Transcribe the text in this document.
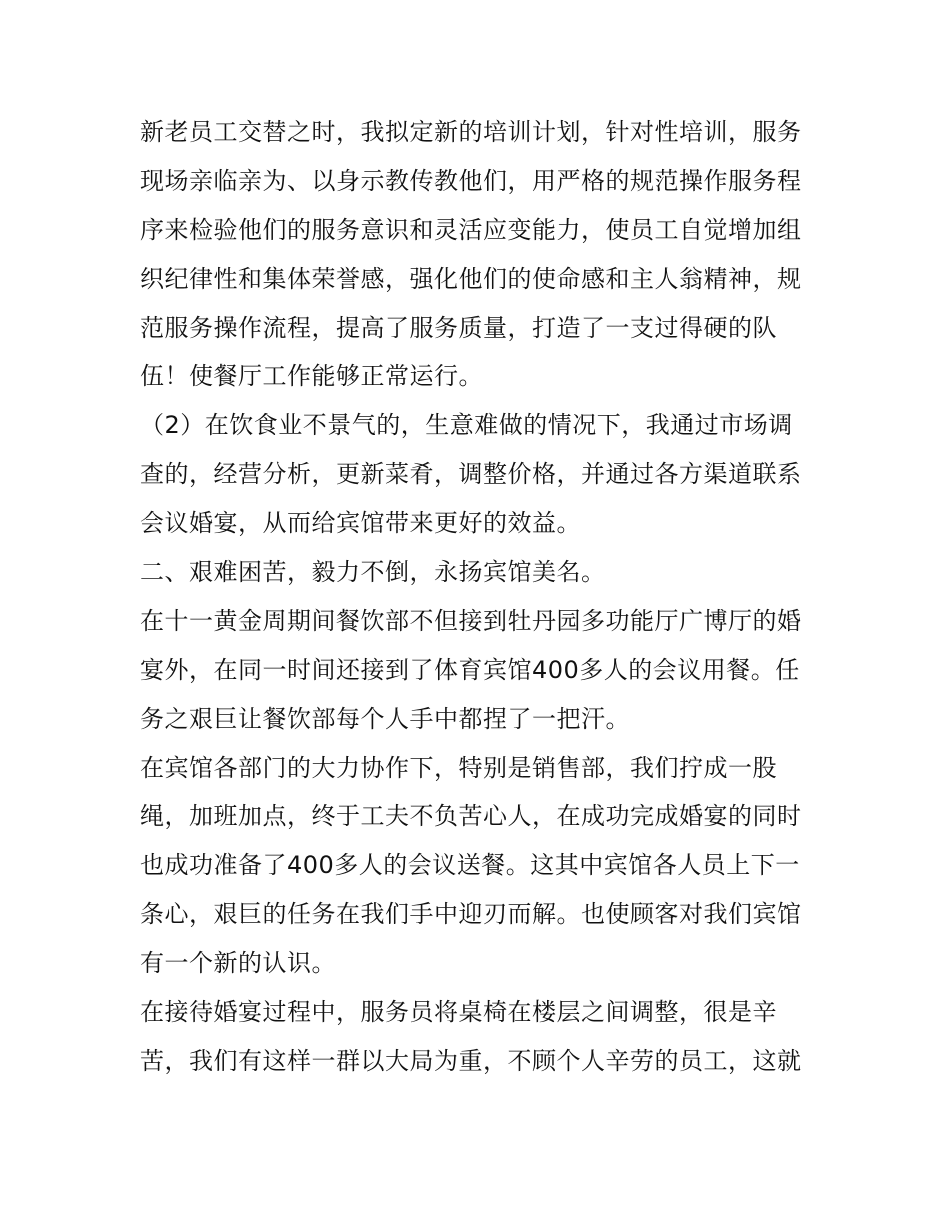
新老员工交替之时，我拟定新的培训计划，针对性培训，服务
现场亲临亲为、以身示教传教他们，用严格的规范操作服务程
序来检验他们的服务意识和灵活应变能力，使员工自觉增加组
织纪律性和集体荣誉感，强化他们的使命感和主人翁精神，规
范服务操作流程，提高了服务质量，打造了一支过得硬的队
伍！使餐厅工作能够正常运行。
（2）在饮食业不景气的，生意难做的情况下，我通过市场调
查的，经营分析，更新菜肴，调整价格，并通过各方渠道联系
会议婚宴，从而给宾馆带来更好的效益。
二、艰难困苦，毅力不倒，永扬宾馆美名。
在十一黄金周期间餐饮部不但接到牡丹园多功能厅广博厅的婚
宴外，在同一时间还接到了体育宾馆400多人的会议用餐。任
务之艰巨让餐饮部每个人手中都捏了一把汗。
在宾馆各部门的大力协作下，特别是销售部，我们拧成一股
绳，加班加点，终于工夫不负苦心人，在成功完成婚宴的同时
也成功准备了400多人的会议送餐。这其中宾馆各人员上下一
条心，艰巨的任务在我们手中迎刃而解。也使顾客对我们宾馆
有一个新的认识。
在接待婚宴过程中，服务员将桌椅在楼层之间调整，很是辛
苦，我们有这样一群以大局为重，不顾个人辛劳的员工，这就
